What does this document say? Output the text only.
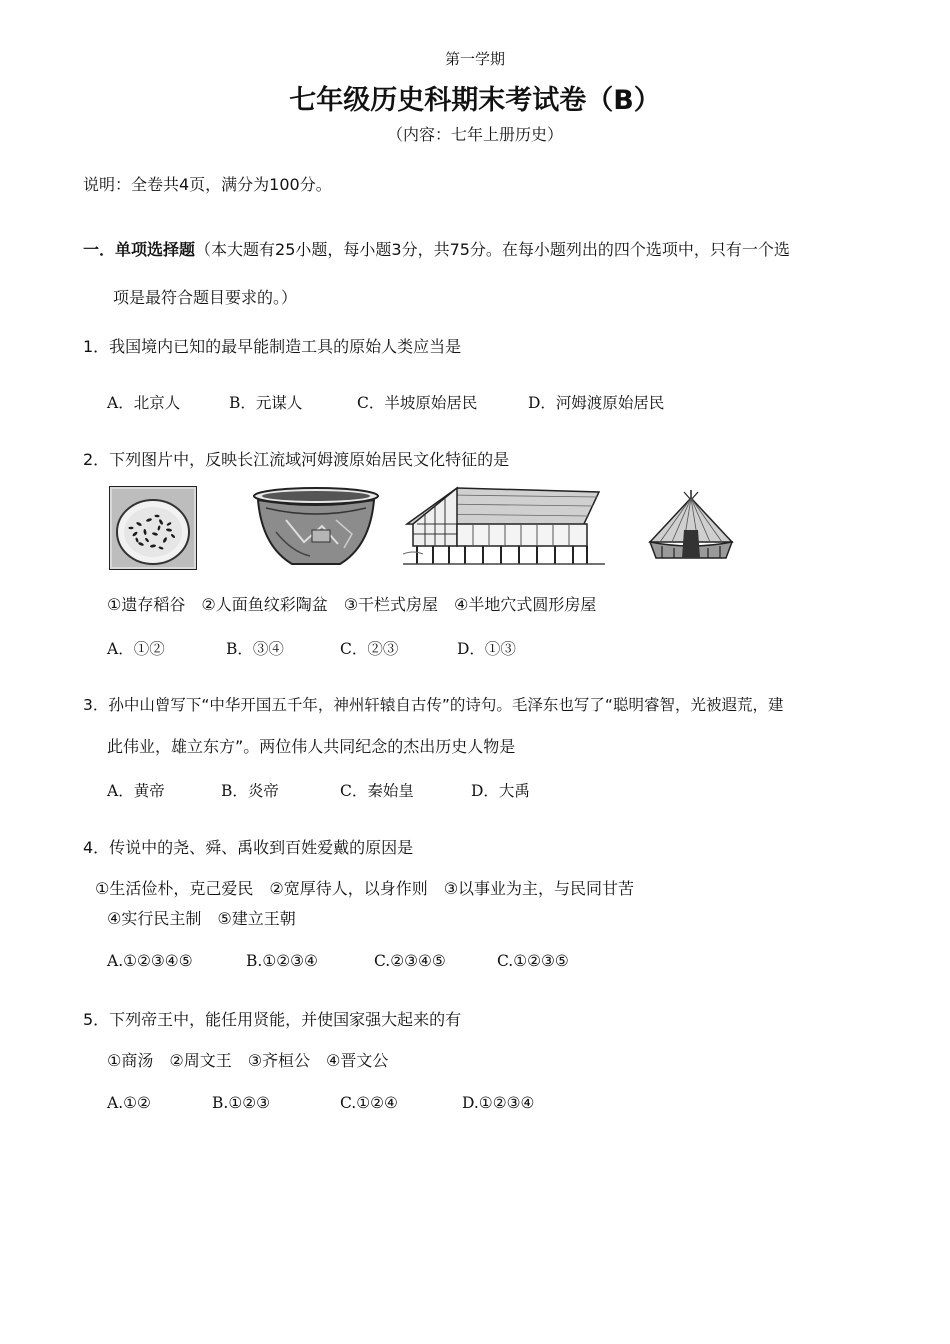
第一学期
七年级历史科期末考试卷（B）
（内容：七年上册历史）
说明：全卷共4页，满分为100分。
一．单项选择题（本大题有25小题，每小题3分，共75分。在每小题列出的四个选项中，只有一个选
项是最符合题目要求的。）
1．我国境内已知的最早能制造工具的原始人类应当是
A．北京人	B．元谋人	C．半坡原始居民	D．河姆渡原始居民
2．下列图片中，反映长江流域河姆渡原始居民文化特征的是
①遗存稻谷　②人面鱼纹彩陶盆　③干栏式房屋　④半地穴式圆形房屋
A．①②	B．③④	C．②③	D．①③
3．孙中山曾写下“中华开国五千年，神州轩辕自古传”的诗句。毛泽东也写了“聪明睿智，光被遐荒，建
此伟业，雄立东方”。两位伟人共同纪念的杰出历史人物是
A．黄帝	B．炎帝	C．秦始皇	D．大禹
4．传说中的尧、舜、禹收到百姓爱戴的原因是
①生活俭朴，克己爱民　②宽厚待人，以身作则　③以事业为主，与民同甘苦
④实行民主制　⑤建立王朝
A.①②③④⑤	B.①②③④	C.②③④⑤	C.①②③⑤
5．下列帝王中，能任用贤能，并使国家强大起来的有
①商汤　②周文王　③齐桓公　④晋文公
A.①②	B.①②③	C.①②④	D.①②③④
